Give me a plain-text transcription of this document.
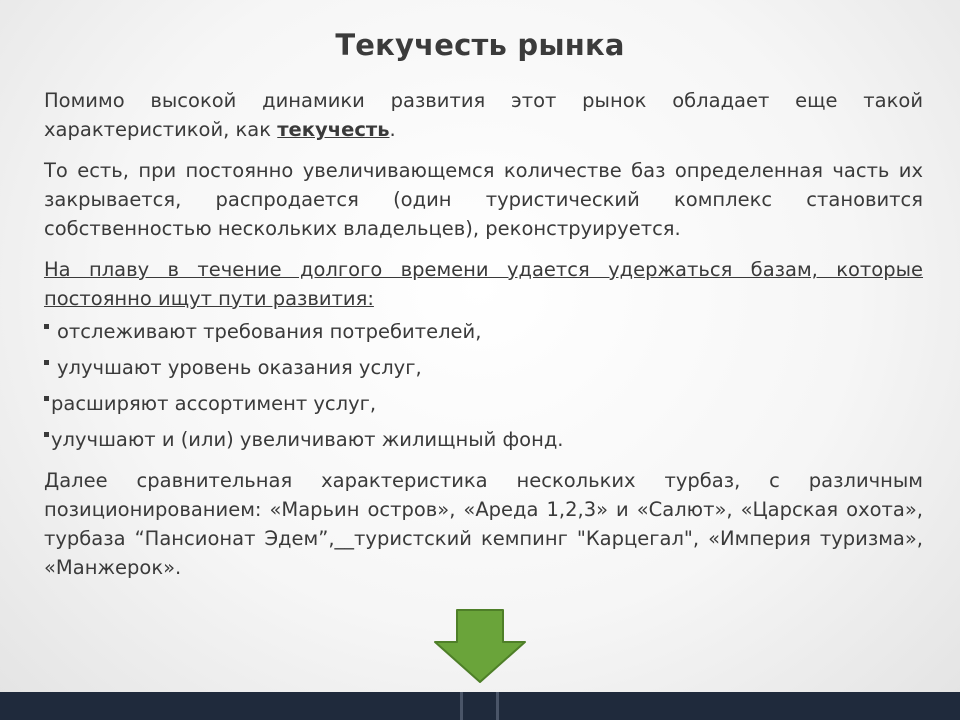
Текучесть рынка

Помимо высокой динамики развития этот рынок обладает еще такой характеристикой, как текучесть.

То есть, при постоянно увеличивающемся количестве баз определенная часть их закрывается, распродается (один туристический комплекс становится собственностью нескольких владельцев), реконструируется.

На плаву в течение долгого времени удается удержаться базам, которые постоянно ищут пути развития:

отслеживают требования потребителей,
улучшают уровень оказания услуг,
расширяют ассортимент услуг,
улучшают и (или) увеличивают жилищный фонд.

Далее сравнительная характеристика нескольких турбаз, с различным позиционированием: «Марьин остров», «Ареда 1,2,3» и «Салют», «Царская охота», турбаза “Пансионат Эдем”,__туристский кемпинг "Карцегал", «Империя туризма», «Манжерок».
